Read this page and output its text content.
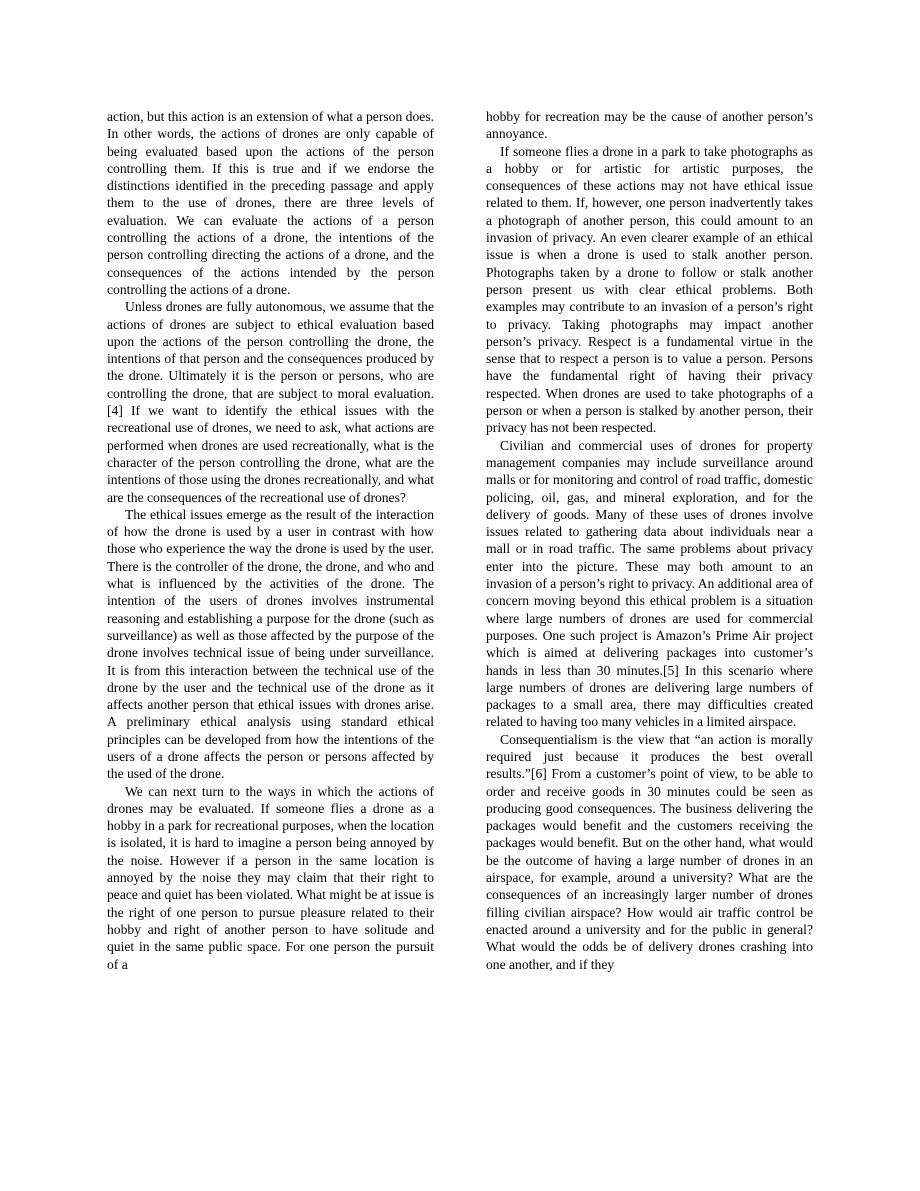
action, but this action is an extension of what a person does. In other words, the actions of drones are only capable of being evaluated based upon the actions of the person controlling them. If this is true and if we endorse the distinctions identified in the preceding passage and apply them to the use of drones, there are three levels of evaluation. We can evaluate the actions of a person controlling the actions of a drone, the intentions of the person controlling directing the actions of a drone, and the consequences of the actions intended by the person controlling the actions of a drone.

Unless drones are fully autonomous, we assume that the actions of drones are subject to ethical evaluation based upon the actions of the person controlling the drone, the intentions of that person and the consequences produced by the drone. Ultimately it is the person or persons, who are controlling the drone, that are subject to moral evaluation.[4] If we want to identify the ethical issues with the recreational use of drones, we need to ask, what actions are performed when drones are used recreationally, what is the character of the person controlling the drone, what are the intentions of those using the drones recreationally, and what are the consequences of the recreational use of drones?

The ethical issues emerge as the result of the interaction of how the drone is used by a user in contrast with how those who experience the way the drone is used by the user. There is the controller of the drone, the drone, and who and what is influenced by the activities of the drone. The intention of the users of drones involves instrumental reasoning and establishing a purpose for the drone (such as surveillance) as well as those affected by the purpose of the drone involves technical issue of being under surveillance. It is from this interaction between the technical use of the drone by the user and the technical use of the drone as it affects another person that ethical issues with drones arise. A preliminary ethical analysis using standard ethical principles can be developed from how the intentions of the users of a drone affects the person or persons affected by the used of the drone.

We can next turn to the ways in which the actions of drones may be evaluated. If someone flies a drone as a hobby in a park for recreational purposes, when the location is isolated, it is hard to imagine a person being annoyed by the noise. However if a person in the same location is annoyed by the noise they may claim that their right to peace and quiet has been violated. What might be at issue is the right of one person to pursue pleasure related to their hobby and right of another person to have solitude and quiet in the same public space. For one person the pursuit of a

hobby for recreation may be the cause of another person’s annoyance.

If someone flies a drone in a park to take photographs as a hobby or for artistic for artistic purposes, the consequences of these actions may not have ethical issue related to them. If, however, one person inadvertently takes a photograph of another person, this could amount to an invasion of privacy. An even clearer example of an ethical issue is when a drone is used to stalk another person. Photographs taken by a drone to follow or stalk another person present us with clear ethical problems. Both examples may contribute to an invasion of a person’s right to privacy. Taking photographs may impact another person’s privacy. Respect is a fundamental virtue in the sense that to respect a person is to value a person. Persons have the fundamental right of having their privacy respected. When drones are used to take photographs of a person or when a person is stalked by another person, their privacy has not been respected.

Civilian and commercial uses of drones for property management companies may include surveillance around malls or for monitoring and control of road traffic, domestic policing, oil, gas, and mineral exploration, and for the delivery of goods. Many of these uses of drones involve issues related to gathering data about individuals near a mall or in road traffic. The same problems about privacy enter into the picture. These may both amount to an invasion of a person’s right to privacy. An additional area of concern moving beyond this ethical problem is a situation where large numbers of drones are used for commercial purposes. One such project is Amazon’s Prime Air project which is aimed at delivering packages into customer’s hands in less than 30 minutes.[5] In this scenario where large numbers of drones are delivering large numbers of packages to a small area, there may difficulties created related to having too many vehicles in a limited airspace.

Consequentialism is the view that “an action is morally required just because it produces the best overall results.”[6] From a customer’s point of view, to be able to order and receive goods in 30 minutes could be seen as producing good consequences. The business delivering the packages would benefit and the customers receiving the packages would benefit. But on the other hand, what would be the outcome of having a large number of drones in an airspace, for example, around a university? What are the consequences of an increasingly larger number of drones filling civilian airspace? How would air traffic control be enacted around a university and for the public in general? What would the odds be of delivery drones crashing into one another, and if they
